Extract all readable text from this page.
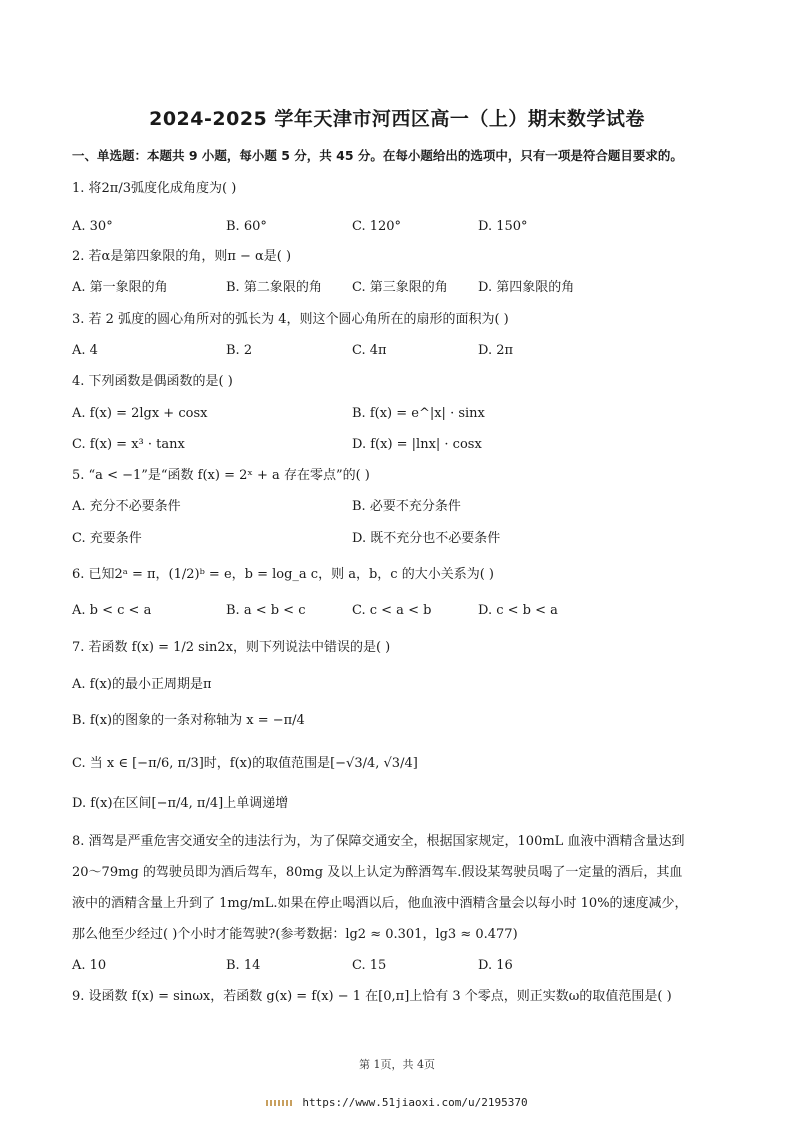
2024-2025 学年天津市河西区高一（上）期末数学试卷
一、单选题：本题共 9 小题，每小题 5 分，共 45 分。在每小题给出的选项中，只有一项是符合题目要求的。
1. 将2π/3弧度化成角度为( )
A. 30°	B. 60°	C. 120°	D. 150°
2. 若α是第四象限的角，则π − α是( )
A. 第一象限的角	B. 第二象限的角 C. 第三象限的角 D. 第四象限的角
3. 若 2 弧度的圆心角所对的弧长为 4，则这个圆心角所在的扇形的面积为( )
A. 4	B. 2	C. 4π	D. 2π
4. 下列函数是偶函数的是( )
A. f(x) = 2lgx + cosx	B. f(x) = e^|x| · sinx
C. f(x) = x³ · tanx	D. f(x) = |lnx| · cosx
5. “a < −1”是“函数 f(x) = 2ˣ + a 存在零点”的( )
A. 充分不必要条件	B. 必要不充分条件
C. 充要条件	D. 既不充分也不必要条件
6. 已知2ᵃ = π，(1/2)ᵇ = e，b = log_a c，则 a，b，c 的大小关系为( )
A. b < c < a	B. a < b < c	C. c < a < b	D. c < b < a
7. 若函数 f(x) = 1/2 sin2x，则下列说法中错误的是( )
A. f(x)的最小正周期是π
B. f(x)的图象的一条对称轴为 x = −π/4
C. 当 x ∈ [−π/6, π/3]时，f(x)的取值范围是[−√3/4, √3/4]
D. f(x)在区间[−π/4, π/4]上单调递增
8. 酒驾是严重危害交通安全的违法行为，为了保障交通安全，根据国家规定，100mL 血液中酒精含量达到
20～79mg 的驾驶员即为酒后驾车，80mg 及以上认定为醉酒驾车.假设某驾驶员喝了一定量的酒后，其血
液中的酒精含量上升到了 1mg/mL.如果在停止喝酒以后，他血液中酒精含量会以每小时 10%的速度减少，
那么他至少经过( )个小时才能驾驶?(参考数据：lg2 ≈ 0.301，lg3 ≈ 0.477)
A. 10	B. 14	C. 15	D. 16
9. 设函数 f(x) = sinωx，若函数 g(x) = f(x) − 1 在[0,π]上恰有 3 个零点，则正实数ω的取值范围是( )
第 1页，共 4页
https://www.51jiaoxi.com/u/2195370
